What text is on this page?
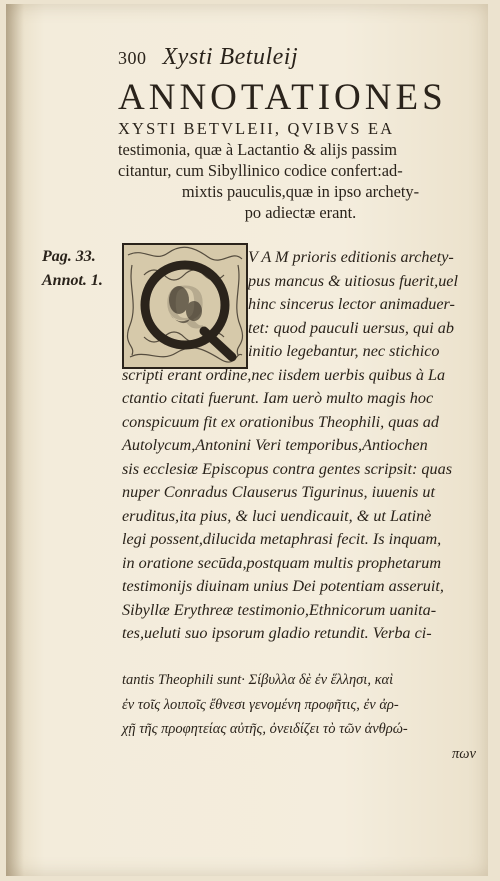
300 Xysti Betuleij
ANNOTATIONES
XYSTI BETVLEII, QVIBVS EA
testimonia, quæ à Lactantio & alijs passim
citantur, cum Sibyllinico codice confert:ad-
mixtis pauculis,quæ in ipso archety-
po adiectæ erant.
Pag. 33.
Annot. 1. Q
V A M prioris editionis archety-
pus mancus & uitiosus fuerit,uel
hinc sincerus lector animaduer-
tet: quod pauculi uersus, qui ab
initio legebantur, nec stichico
scripti erant ordine,nec iisdem uerbis quibus à La
ctantio citati fuerunt. Iam uerò multo magis hoc
conspicuum fit ex orationibus Theophili, quas ad
Autolycum,Antonini Veri temporibus,Antiochen
sis ecclesiæ Episcopus contra gentes scripsit: quas
nuper Conradus Clauserus Tigurinus, iuuenis ut
eruditus,ita pius, & luci uendicauit, & ut Latinè
legi possent,dilucida metaphrasi fecit. Is inquam,
in oratione secūda,postquam multis prophetarum
testimonijs diuinam unius Dei potentiam asseruit,
Sibyllæ Erythreæ testimonio,Ethnicorum uanita-
tes,ueluti suo ipsorum gladio retundit. Verba ci-
tantis Theophili sunt· Σίβυλλα δὲ ἐν ἕλλησι, καὶ
ἐν τοῖς λοιποῖς ἔθνεσι γενομένη προφῆτις, ἐν ἀρ-
χῇ τῆς προφητείας αὐτῆς, ὀνειδίζει τὸ τῶν ἀνθρώ-
πων
